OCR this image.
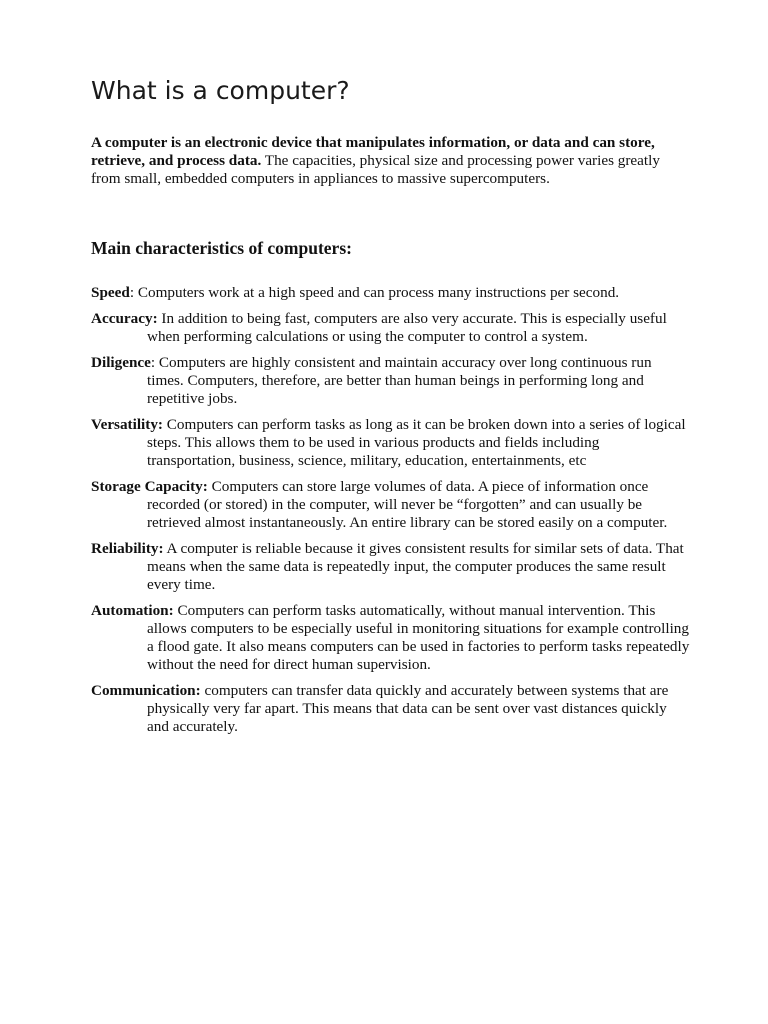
What is a computer?

A computer is an electronic device that manipulates information, or data and can store, retrieve, and process data. The capacities, physical size and processing power varies greatly from small, embedded computers in appliances to massive supercomputers.

Main characteristics of computers:
Speed: Computers work at a high speed and can process many instructions per second.
Accuracy: In addition to being fast, computers are also very accurate. This is especially useful when performing calculations or using the computer to control a system.
Diligence: Computers are highly consistent and maintain accuracy over long continuous run times. Computers, therefore, are better than human beings in performing long and repetitive jobs.
Versatility: Computers can perform tasks as long as it can be broken down into a series of logical steps. This allows them to be used in various products and fields including transportation, business, science, military, education, entertainments, etc
Storage Capacity: Computers can store large volumes of data. A piece of information once recorded (or stored) in the computer, will never be “forgotten” and can usually be retrieved almost instantaneously. An entire library can be stored easily on a computer.
Reliability: A computer is reliable because it gives consistent results for similar sets of data. That means when the same data is repeatedly input, the computer produces the same result every time.
Automation: Computers can perform tasks automatically, without manual intervention. This allows computers to be especially useful in monitoring situations for example controlling a flood gate. It also means computers can be used in factories to perform tasks repeatedly without the need for direct human supervision.
Communication: computers can transfer data quickly and accurately between systems that are physically very far apart. This means that data can be sent over vast distances quickly and accurately.
